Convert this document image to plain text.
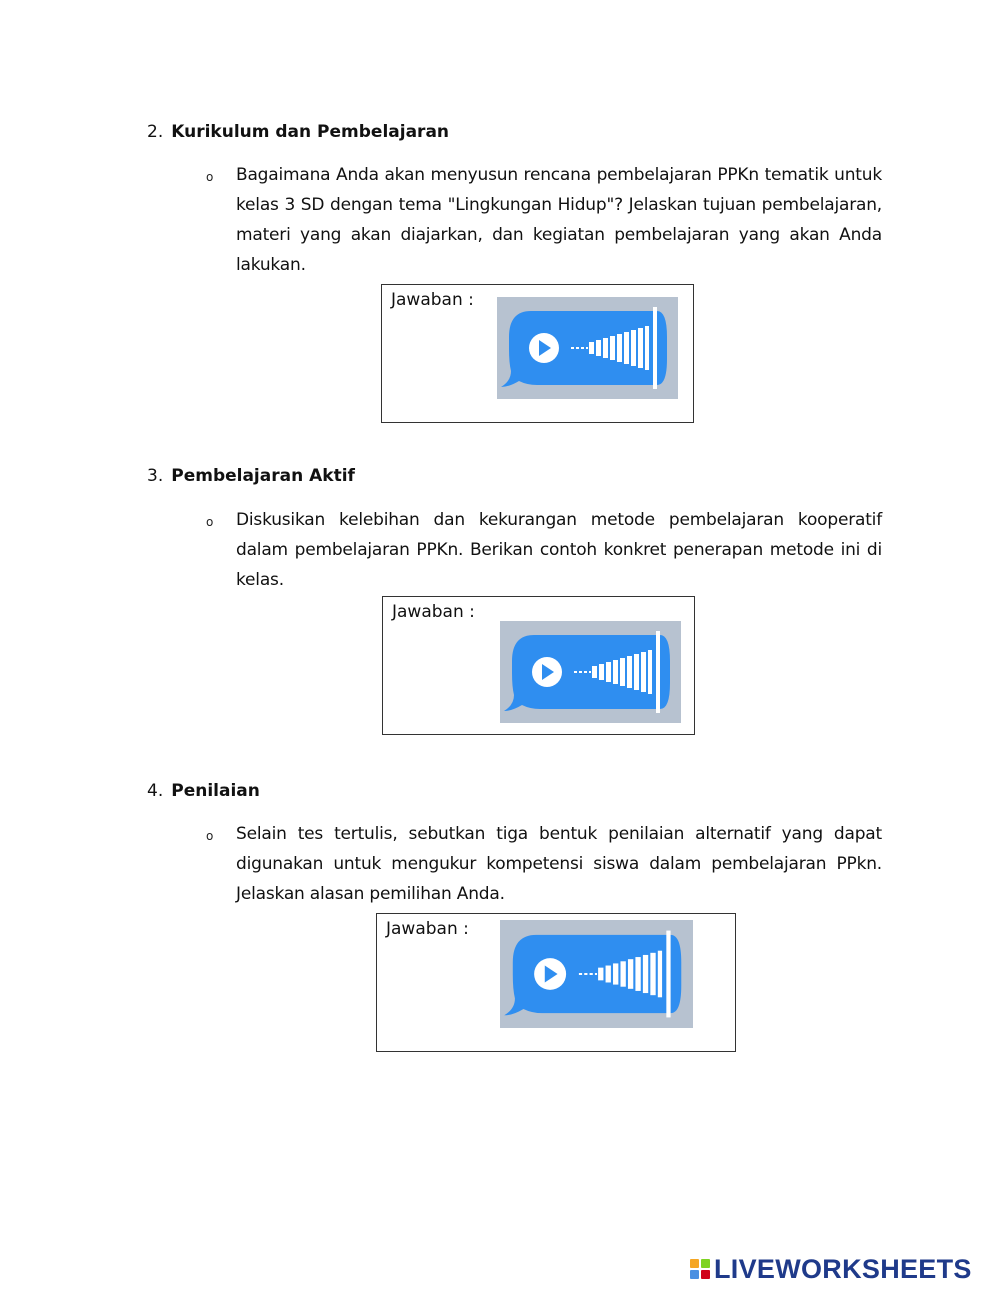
2. Kurikulum dan Pembelajaran
o Bagaimana Anda akan menyusun rencana pembelajaran PPKn tematik untuk kelas 3 SD dengan tema "Lingkungan Hidup"? Jelaskan tujuan pembelajaran, materi yang akan diajarkan, dan kegiatan pembelajaran yang akan Anda lakukan.
Jawaban :
3. Pembelajaran Aktif
o Diskusikan kelebihan dan kekurangan metode pembelajaran kooperatif dalam pembelajaran PPKn. Berikan contoh konkret penerapan metode ini di kelas.
Jawaban :
4. Penilaian
o Selain tes tertulis, sebutkan tiga bentuk penilaian alternatif yang dapat digunakan untuk mengukur kompetensi siswa dalam pembelajaran PPkn. Jelaskan alasan pemilihan Anda.
Jawaban :
LIVEWORKSHEETS
